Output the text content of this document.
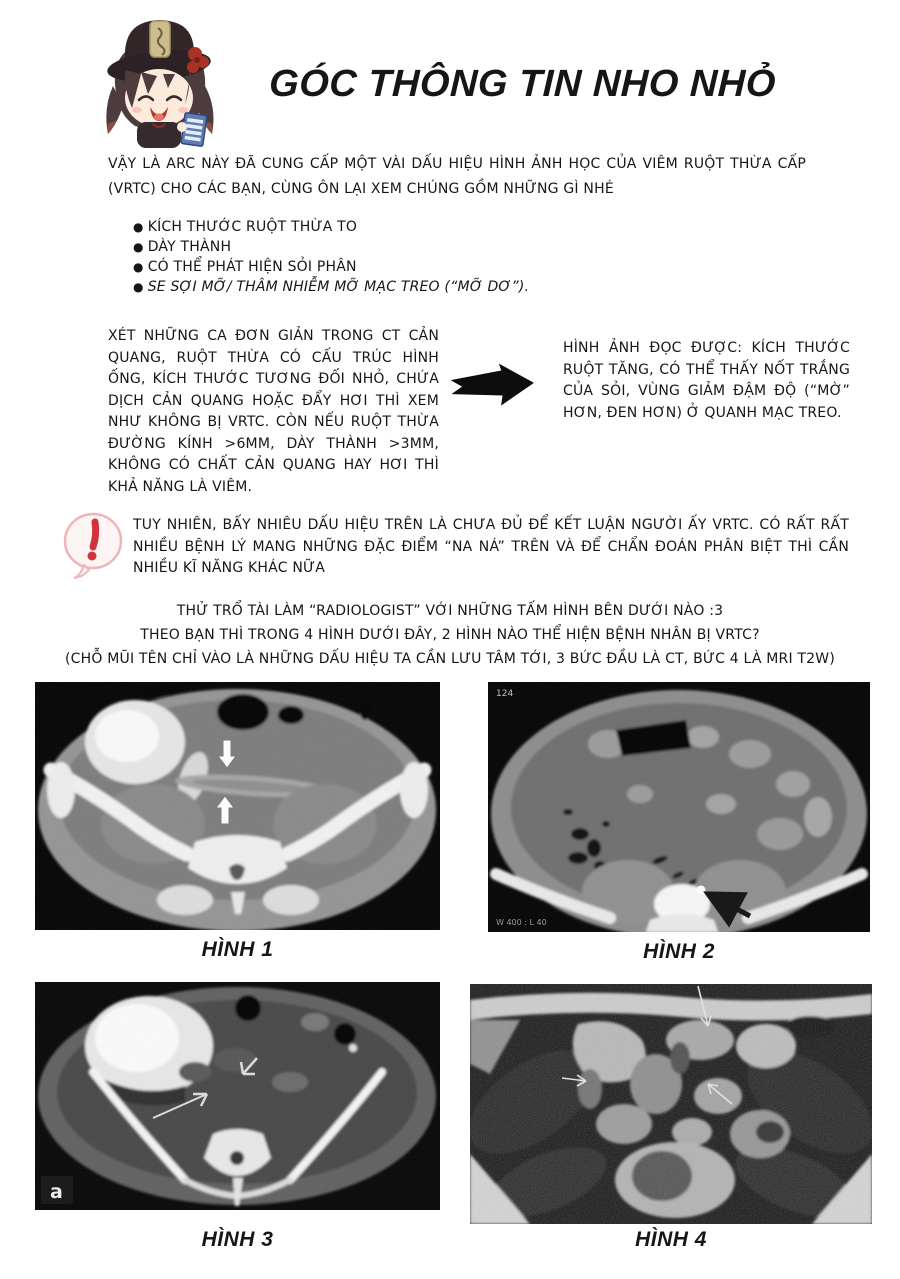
GÓC THÔNG TIN NHO NHỎ

VẬY LÀ ARC NÀY ĐÃ CUNG CẤP MỘT VÀI DẤU HIỆU HÌNH ẢNH HỌC CỦA VIÊM RUỘT THỪA CẤP (VRTC) CHO CÁC BẠN, CÙNG ÔN LẠI XEM CHÚNG GỒM NHỮNG GÌ NHÉ

● KÍCH THƯỚC RUỘT THỪA TO
● DÀY THÀNH
● CÓ THỂ PHÁT HIỆN SỎI PHÂN
● SE SỢI MỠ/ THÂM NHIỄM MỠ MẠC TREO (“MỠ DƠ”).

XÉT NHỮNG CA ĐƠN GIẢN TRONG CT CẢN QUANG, RUỘT THỪA CÓ CẤU TRÚC HÌNH ỐNG, KÍCH THƯỚC TƯƠNG ĐỐI NHỎ, CHỨA DỊCH CẢN QUANG HOẶC ĐẨY HƠI THÌ XEM NHƯ KHÔNG BỊ VRTC. CÒN NẾU RUỘT THỪA ĐƯỜNG KÍNH >6MM, DÀY THÀNH >3MM, KHÔNG CÓ CHẤT CẢN QUANG HAY HƠI THÌ KHẢ NĂNG LÀ VIÊM.

HÌNH ẢNH ĐỌC ĐƯỢC: KÍCH THƯỚC RUỘT TĂNG, CÓ THỂ THẤY NỐT TRẮNG CỦA SỎI, VÙNG GIẢM ĐẬM ĐỘ (“MỜ” HƠN, ĐEN HƠN) Ở QUANH MẠC TREO.

TUY NHIÊN, BẤY NHIÊU DẤU HIỆU TRÊN LÀ CHƯA ĐỦ ĐỂ KẾT LUẬN NGƯỜI ẤY VRTC. CÓ RẤT RẤT NHIỀU BỆNH LÝ MANG NHỮNG ĐẶC ĐIỂM “NA NÁ” TRÊN VÀ ĐỂ CHẨN ĐOÁN PHÂN BIỆT THÌ CẦN NHIỀU KĨ NĂNG KHÁC NỮA

THỬ TRỔ TÀI LÀM “RADIOLOGIST” VỚI NHỮNG TẤM HÌNH BÊN DƯỚI NÀO :3

THEO BẠN THÌ TRONG 4 HÌNH DƯỚI ĐÂY, 2 HÌNH NÀO THỂ HIỆN BỆNH NHÂN BỊ VRTC?

(CHỖ MŨI TÊN CHỈ VÀO LÀ NHỮNG DẤU HIỆU TA CẦN LƯU TÂM TỚI, 3 BỨC ĐẦU LÀ CT, BỨC 4 LÀ MRI T2W)

HÌNH 1
124
W 400 : L 40
HÌNH 2
a
HÌNH 3	HÌNH 4
